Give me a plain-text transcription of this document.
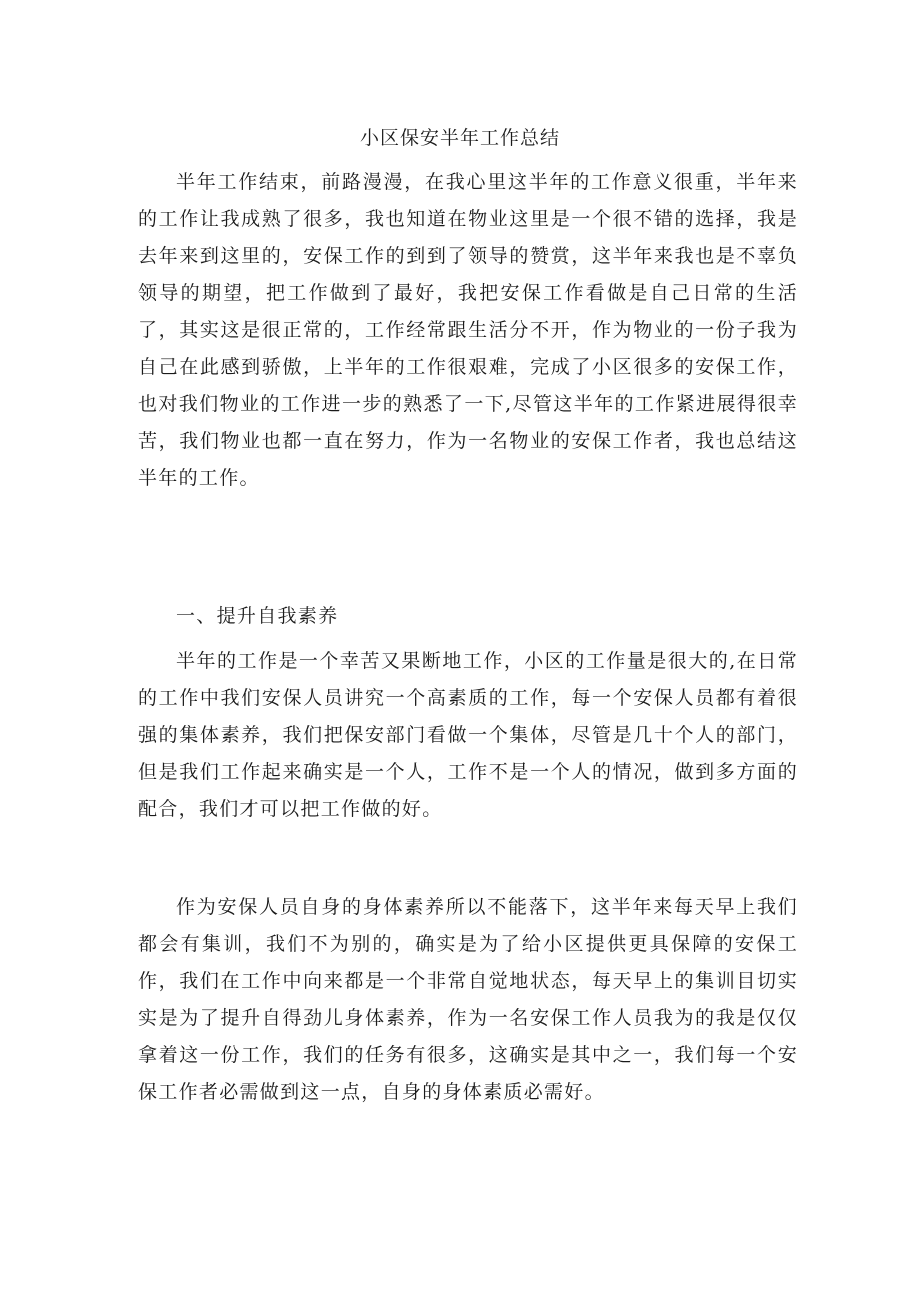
小区保安半年工作总结

半年工作结束，前路漫漫，在我心里这半年的工作意义很重，半年来的工作让我成熟了很多，我也知道在物业这里是一个很不错的选择，我是去年来到这里的，安保工作的到到了领导的赞赏，这半年来我也是不辜负领导的期望，把工作做到了最好，我把安保工作看做是自己日常的生活了，其实这是很正常的，工作经常跟生活分不开，作为物业的一份子我为自己在此感到骄傲，上半年的工作很艰难，完成了小区很多的安保工作，也对我们物业的工作进一步的熟悉了一下,尽管这半年的工作紧进展得很幸苦，我们物业也都一直在努力，作为一名物业的安保工作者，我也总结这半年的工作。

一、提升自我素养

半年的工作是一个幸苦又果断地工作，小区的工作量是很大的,在日常的工作中我们安保人员讲究一个高素质的工作，每一个安保人员都有着很强的集体素养，我们把保安部门看做一个集体，尽管是几十个人的部门，但是我们工作起来确实是一个人，工作不是一个人的情况，做到多方面的配合，我们才可以把工作做的好。

作为安保人员自身的身体素养所以不能落下，这半年来每天早上我们都会有集训，我们不为别的，确实是为了给小区提供更具保障的安保工作，我们在工作中向来都是一个非常自觉地状态，每天早上的集训目切实实是为了提升自得劲儿身体素养，作为一名安保工作人员我为的我是仅仅拿着这一份工作，我们的任务有很多，这确实是其中之一，我们每一个安保工作者必需做到这一点，自身的身体素质必需好。
